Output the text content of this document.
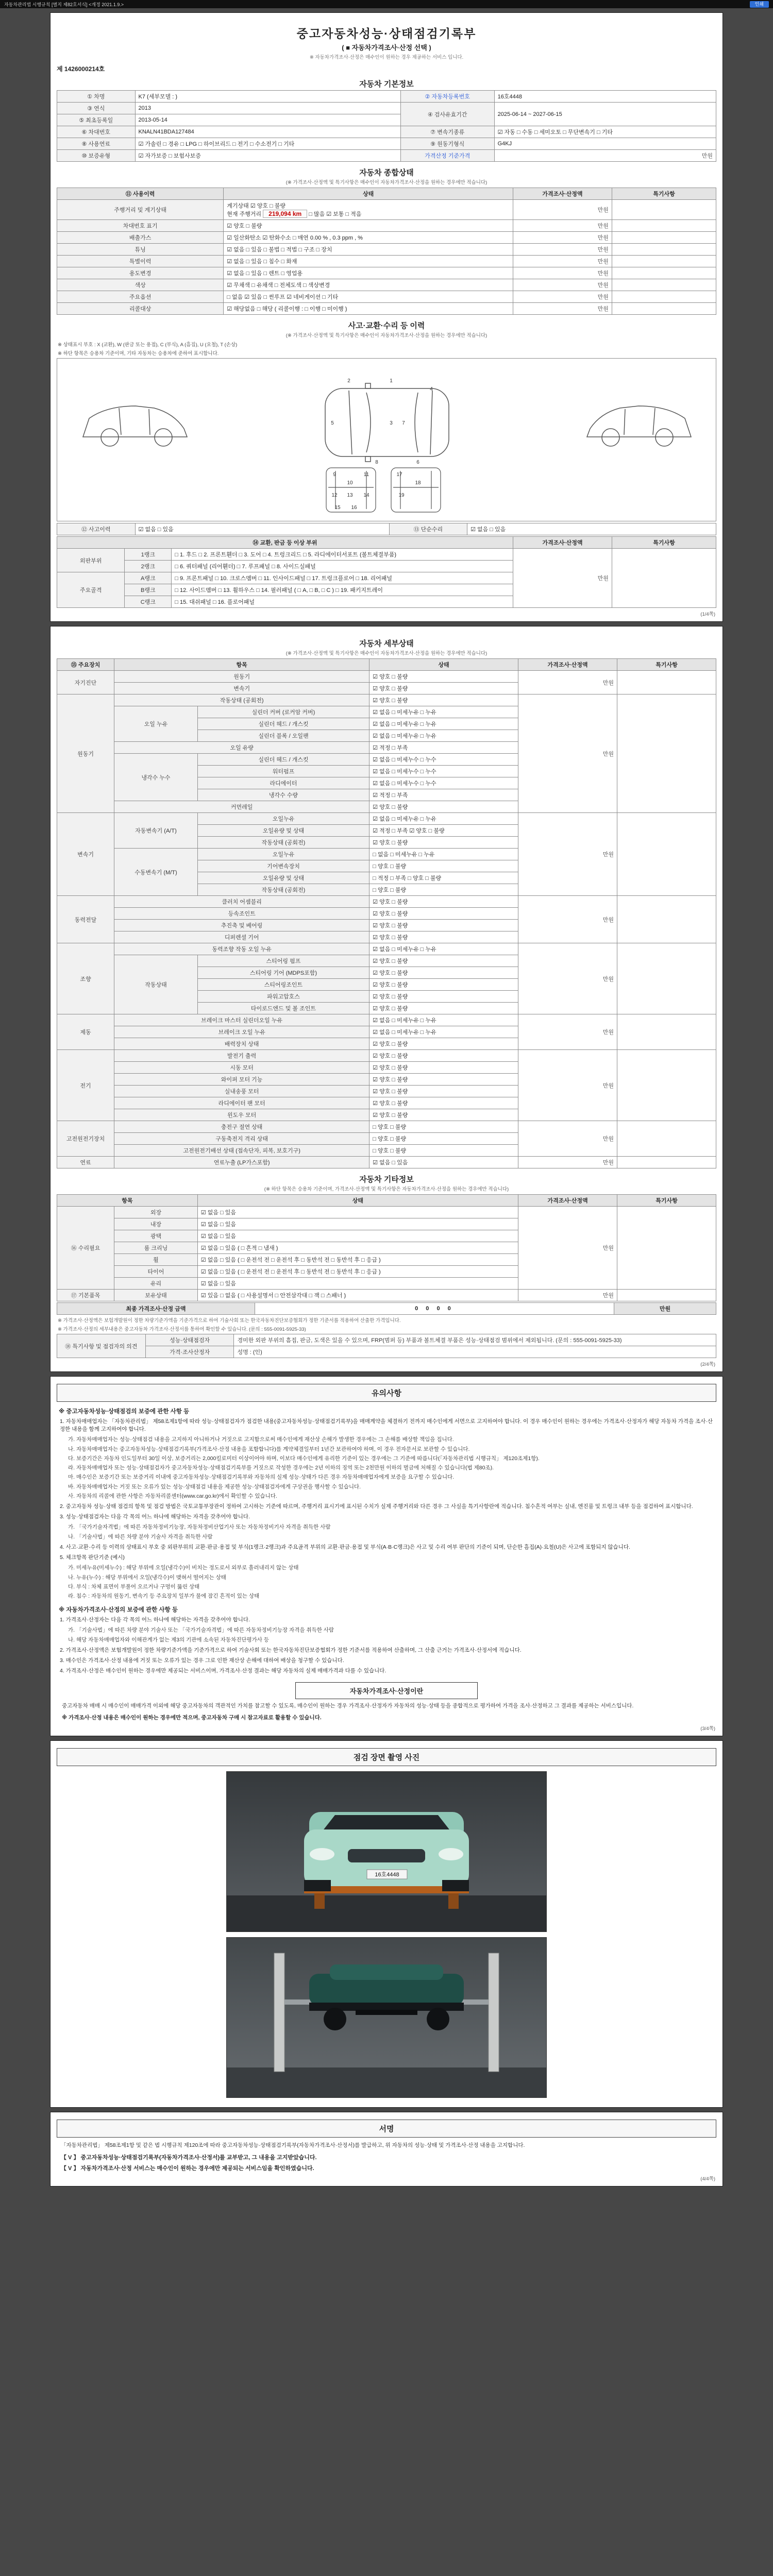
자동차관리법 시행규칙 [별지 제82호서식] <개정 2021.1.9.>	인쇄
중고자동차성능·상태점검기록부
( ■ 자동차가격조사·산정 선택 )
※ 자동차가격조사·산정은 매수인이 원하는 경우 제공하는 서비스 입니다.
제 1426000214호
자동차 기본정보
① 차명	K7 (세부모델 : )	② 자동차등록번호	16호4448
③ 연식	2013	④ 검사유효기간	2025-06-14 ~ 2027-06-15
⑤ 최초등록일	2013-05-14		
⑥ 차대번호	KNALN41BDA127484	⑦ 변속기종류	☑ 자동 □ 수동 □ 세미오토 □ 무단변속기 □ 기타
⑧ 사용연료	☑ 가솔린 □ 경유 □ LPG □ 하이브리드 □ 전기 □ 수소전기 □ 기타	⑨ 원동기형식	G4KJ
⑩ 보증유형	☑ 자가보증 □ 보험사보증	가격산정 기준가격	만원
자동차 종합상태
(※ 가격조사·산정액 및 특기사항은 매수인이 자동차가격조사·산정을 원하는 경우에만 적습니다)
⑪ 사용이력	상태	가격조사·산정액	특기사항
주행거리 및 계기상태	계기상태 ☑ 양호 □ 불량
현재 주행거리 219,094 km □ 많음 ☑ 보통 □ 적음	만원	
차대번호 표기	☑ 양호 □ 불량	만원	
배출가스	☑ 일산화탄소 ☑ 탄화수소 □ 매연 0.00 % , 0.3 ppm , %	만원	
튜닝	☑ 없음 □ 있음 □ 불법 □ 적법 □ 구조 □ 장치	만원	
특별이력	☑ 없음 □ 있음 □ 침수 □ 화재	만원	
용도변경	☑ 없음 □ 있음 □ 렌트 □ 영업용	만원	
색상	☑ 무채색 □ 유채색 □ 전체도색 □ 색상변경	만원	
주요옵션	□ 없음 ☑ 있음 □ 썬루프 ☑ 네비게이션 □ 기타	만원	
리콜대상	☑ 해당없음 □ 해당 ( 리콜이행 : □ 이행 □ 미이행 )	만원	
사고·교환·수리 등 이력
(※ 가격조사·산정액 및 특기사항은 매수인이 자동차가격조사·산정을 원하는 경우에만 적습니다)
※ 상태표시 부호 : X (교환), W (판금 또는 용접), C (부식), A (흠집), U (요철), T (손상)
※ 하단 항목은 승용차 기준이며, 기타 자동차는 승용차에 준하여 표시합니다.
1
2
3
4
5
6
7
8
9
10
11
12 13 14
15 16
17
18
19
⑫ 사고이력	☑ 없음 □ 있음	⑬ 단순수리	☑ 없음 □ 있음
⑭ 교환, 판금 등 이상 부위			가격조사·산정액	특기사항
외판부위	1랭크	□ 1. 후드 □ 2. 프론트휀더 □ 3. 도어 □ 4. 트렁크리드 □ 5. 라디에이터서포트 (볼트체결부품)	만원	
	2랭크	□ 6. 쿼터패널 (리어휀더) □ 7. 루프패널 □ 8. 사이드실패널		
주요골격	A랭크	□ 9. 프론트패널 □ 10. 크로스멤버 □ 11. 인사이드패널 □ 17. 트렁크플로어 □ 18. 리어패널		
	B랭크	□ 12. 사이드멤버 □ 13. 휠하우스 □ 14. 필러패널 ( □ A, □ B, □ C ) □ 19. 패키지트레이		
	C랭크	□ 15. 대쉬패널 □ 16. 플로어패널		
(1/4쪽)
자동차 세부상태
(※ 가격조사·산정액 및 특기사항은 매수인이 자동차가격조사·산정을 원하는 경우에만 적습니다)
⑮ 주요장치	항목		상태	가격조사·산정액	특기사항
자기진단	원동기		☑ 양호 □ 불량	만원	
	변속기		☑ 양호 □ 불량		
원동기	작동상태 (공회전)		☑ 양호 □ 불량	만원	
	오일 누유	실린더 커버 (로커암 커버)	☑ 없음 □ 미세누유 □ 누유		
		실린더 헤드 / 개스킷	☑ 없음 □ 미세누유 □ 누유		
		실린더 블록 / 오일팬	☑ 없음 □ 미세누유 □ 누유		
	오일 유량		☑ 적정 □ 부족		
	냉각수 누수	실린더 헤드 / 개스킷	☑ 없음 □ 미세누수 □ 누수		
		워터펌프	☑ 없음 □ 미세누수 □ 누수		
		라디에이터	☑ 없음 □ 미세누수 □ 누수		
		냉각수 수량	☑ 적정 □ 부족		
	커먼레일		☑ 양호 □ 불량		
변속기	자동변속기 (A/T)	오일누유	☑ 없음 □ 미세누유 □ 누유	만원	
		오일유량 및 상태	☑ 적정 □ 부족 ☑ 양호 □ 불량		
		작동상태 (공회전)	☑ 양호 □ 불량		
	수동변속기 (M/T)	오일누유	□ 없음 □ 미세누유 □ 누유		
		기어변속장치	□ 양호 □ 불량		
		오일유량 및 상태	□ 적정 □ 부족 □ 양호 □ 불량		
		작동상태 (공회전)	□ 양호 □ 불량		
동력전달	클러치 어셈블리		☑ 양호 □ 불량	만원	
	등속조인트		☑ 양호 □ 불량		
	추진축 및 베어링		☑ 양호 □ 불량		
	디퍼렌셜 기어		☑ 양호 □ 불량		
조향	동력조향 작동 오일 누유		☑ 없음 □ 미세누유 □ 누유	만원	
	작동상태	스티어링 펌프	☑ 양호 □ 불량		
		스티어링 기어 (MDPS포함)	☑ 양호 □ 불량		
		스티어링조인트	☑ 양호 □ 불량		
		파워고압호스	☑ 양호 □ 불량		
		타이로드엔드 및 볼 조인트	☑ 양호 □ 불량		
제동	브레이크 마스터 실린더오일 누유		☑ 없음 □ 미세누유 □ 누유	만원	
	브레이크 오일 누유		☑ 없음 □ 미세누유 □ 누유		
	배력장치 상태		☑ 양호 □ 불량		
전기	발전기 출력		☑ 양호 □ 불량	만원	
	시동 모터		☑ 양호 □ 불량		
	와이퍼 모터 기능		☑ 양호 □ 불량		
	실내송풍 모터		☑ 양호 □ 불량		
	라디에이터 팬 모터		☑ 양호 □ 불량		
	윈도우 모터		☑ 양호 □ 불량		
고전원전기장치	충전구 절연 상태		□ 양호 □ 불량	만원	
	구동축전지 격리 상태		□ 양호 □ 불량		
	고전원전기배선 상태 (접속단자, 피복, 보호기구)		□ 양호 □ 불량		
연료	연료누출 (LP가스포함)		☑ 없음 □ 있음	만원	
자동차 기타정보
(※ 하단 항목은 승용차 기준이며, 가격조사·산정액 및 특기사항은 자동차가격조사·산정을 원하는 경우에만 적습니다)
항목		상태	가격조사·산정액	특기사항
⑯ 수리필요	외장	☑ 없음 □ 있음	만원	
	내장	☑ 없음 □ 있음		
	광택	☑ 없음 □ 있음		
	룸 크리닝	☑ 없음 □ 있음 ( □ 흔적 □ 냄새 )		
	휠	☑ 없음 □ 있음 ( □ 운전석 전 □ 운전석 후 □ 동반석 전 □ 동반석 후 □ 응급 )		
	타이어	☑ 없음 □ 있음 ( □ 운전석 전 □ 운전석 후 □ 동반석 전 □ 동반석 후 □ 응급 )		
	유리	☑ 없음 □ 있음		
⑰ 기본품목	보유상태	☑ 있음 □ 없음 ( □ 사용설명서 □ 안전삼각대 □ 잭 □ 스패너 )	만원	
최종 가격조사·산정 금액	0 0 0 0	만원
※ 가격조사·산정액은 보험개발원이 정한 차량기준가액을 기준가격으로 하여 기술사회 또는 한국자동차진단보증협회가 정한 기준서를 적용하여 산출한 가격입니다.
※ 가격조사·산정의 세부내용은 중고자동차 가격조사·산정서를 통하여 확인할 수 있습니다. (문의 : 555-0091-5925-33)
⑱ 특기사항 및 점검자의 의견	성능·상태점검자	경미한 외판 부위의 흠집, 판금, 도색은 있을 수 있으며, FRP(범퍼 등) 부품과 볼트체결 부품은 성능·상태점검 범위에서 제외됩니다. (문의 : 555-0091-5925-33)
	가격·조사산정자	성명 : (인)
(2/4쪽)
유의사항

※ 중고자동차성능·상태점검의 보증에 관한 사항 등

1. 자동차매매업자는 「자동차관리법」 제58조제1항에 따라 성능·상태점검자가 점검한 내용(중고자동차성능·상태점검기록부)을 매매계약을 체결하기 전까지 매수인에게 서면으로 고지하여야 합니다. 이 경우 매수인이 원하는 경우에는 가격조사·산정자가 해당 자동차 가격을 조사·산정한 내용을 함께 고지하여야 합니다.

가. 자동차매매업자는 성능·상태점검 내용을 고지하지 아니하거나 거짓으로 고지함으로써 매수인에게 재산상 손해가 발생한 경우에는 그 손해를 배상할 책임을 집니다.

나. 자동차매매업자는 중고자동차성능·상태점검기록부(가격조사·산정 내용을 포함합니다)를 계약체결일부터 1년간 보관하여야 하며, 이 경우 전자문서로 보관할 수 있습니다.

다. 보증기간은 자동차 인도일부터 30일 이상, 보증거리는 2,000킬로미터 이상이어야 하며, 이보다 매수인에게 유리한 기준이 있는 경우에는 그 기준에 따릅니다(「자동차관리법 시행규칙」 제120조제1항).

라. 자동차매매업자 또는 성능·상태점검자가 중고자동차성능·상태점검기록부를 거짓으로 작성한 경우에는 2년 이하의 징역 또는 2천만원 이하의 벌금에 처해질 수 있습니다(법 제80조).

마. 매수인은 보증기간 또는 보증거리 이내에 중고자동차성능·상태점검기록부와 자동차의 실제 성능·상태가 다른 경우 자동차매매업자에게 보증을 요구할 수 있습니다.

바. 자동차매매업자는 거짓 또는 오류가 있는 성능·상태점검 내용을 제공한 성능·상태점검자에게 구상권을 행사할 수 있습니다.

사. 자동차의 리콜에 관한 사항은 자동차리콜센터(www.car.go.kr)에서 확인할 수 있습니다.

2. 중고자동차 성능·상태 점검의 항목 및 점검 방법은 국토교통부장관이 정하여 고시하는 기준에 따르며, 주행거리 표시기에 표시된 수치가 실제 주행거리와 다른 경우 그 사실을 특기사항란에 적습니다. 침수흔적 여부는 실내, 엔진룸 및 트렁크 내부 등을 점검하여 표시합니다.

3. 성능·상태점검자는 다음 각 목의 어느 하나에 해당하는 자격을 갖추어야 합니다.

가. 「국가기술자격법」에 따른 자동차정비기능장, 자동차정비산업기사 또는 자동차정비기사 자격을 취득한 사람

나. 「기술사법」에 따른 차량 분야 기술사 자격을 취득한 사람

4. 사고·교환·수리 등 이력의 상태표시 부호 중 외판부위의 교환·판금·용접 및 부식(1랭크·2랭크)과 주요골격 부위의 교환·판금·용접 및 부식(A·B·C랭크)은 사고 및 수리 여부 판단의 기준이 되며, 단순한 흠집(A)·요철(U)은 사고에 포함되지 않습니다.

5. 체크항목 판단기준 (예시)

가. 미세누유(미세누수) : 해당 부위에 오일(냉각수)이 비치는 정도로서 외부로 흘러내리지 않는 상태

나. 누유(누수) : 해당 부위에서 오일(냉각수)이 맺혀서 떨어지는 상태

다. 부식 : 차체 표면이 부풀어 오르거나 구멍이 뚫린 상태

라. 침수 : 자동차의 원동기, 변속기 등 주요장치 일부가 물에 잠긴 흔적이 있는 상태

※ 자동차가격조사·산정의 보증에 관한 사항 등

1. 가격조사·산정자는 다음 각 목의 어느 하나에 해당하는 자격을 갖추어야 합니다.

가. 「기술사법」에 따른 차량 분야 기술사 또는 「국가기술자격법」에 따른 자동차정비기능장 자격을 취득한 사람

나. 해당 자동차매매업자와 이해관계가 없는 제3의 기관에 소속된 자동차진단평가사 등

2. 가격조사·산정액은 보험개발원이 정한 차량기준가액을 기준가격으로 하여 기술사회 또는 한국자동차진단보증협회가 정한 기준서를 적용하여 산출하며, 그 산출 근거는 가격조사·산정서에 적습니다.

3. 매수인은 가격조사·산정 내용에 거짓 또는 오류가 있는 경우 그로 인한 재산상 손해에 대하여 배상을 청구할 수 있습니다.

4. 가격조사·산정은 매수인이 원하는 경우에만 제공되는 서비스이며, 가격조사·산정 결과는 해당 자동차의 실제 매매가격과 다를 수 있습니다.

자동차가격조사·산정이란
중고자동차 매매 시 매수인이 매매가격 이외에 해당 중고자동차의 객관적인 가치를 참고할 수 있도록, 매수인이 원하는 경우 가격조사·산정자가 자동차의 성능·상태 등을 종합적으로 평가하여 가격을 조사·산정하고 그 결과를 제공하는 서비스입니다.
※ 가격조사·산정 내용은 매수인이 원하는 경우에만 적으며, 중고자동차 구매 시 참고자료로 활용할 수 있습니다.
(3/4쪽)
점검 장면 촬영 사진
16호4448
서명
「자동차관리법」 제58조제1항 및 같은 법 시행규칙 제120조에 따라 중고자동차성능·상태점검기록부(자동차가격조사·산정서)를 발급하고, 위 자동차의 성능·상태 및 가격조사·산정 내용을 고지합니다.
【 V 】 중고자동차성능·상태점검기록부(자동차가격조사·산정서)를 교부받고, 그 내용을 고지받았습니다.
【 V 】 자동차가격조사·산정 서비스는 매수인이 원하는 경우에만 제공되는 서비스임을 확인하였습니다.
(4/4쪽)
